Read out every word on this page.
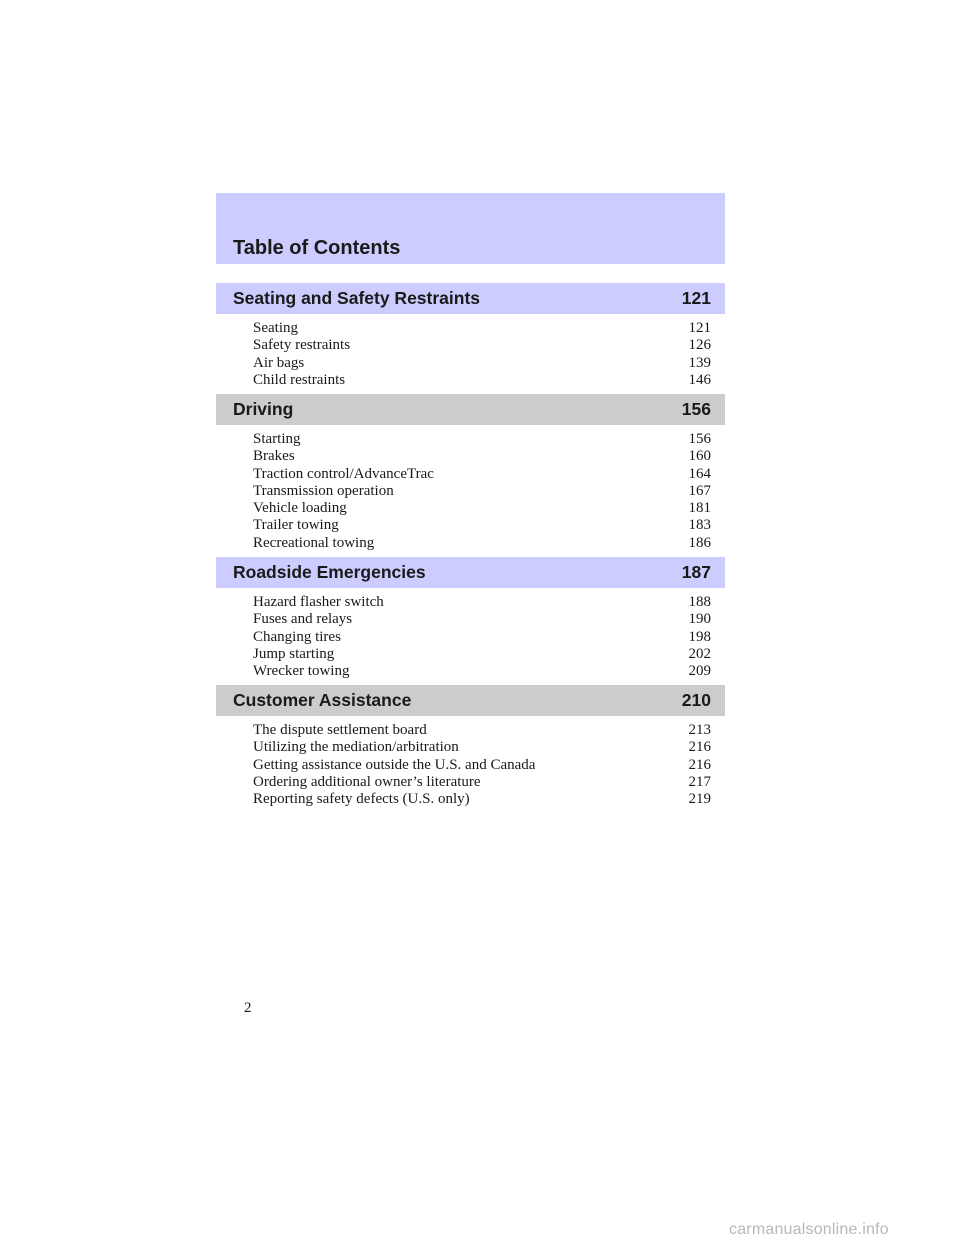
Table of Contents
Seating and Safety Restraints	121
Seating	121
Safety restraints	126
Air bags	139
Child restraints	146
Driving	156
Starting	156
Brakes	160
Traction control/AdvanceTrac	164
Transmission operation	167
Vehicle loading	181
Trailer towing	183
Recreational towing	186
Roadside Emergencies	187
Hazard flasher switch	188
Fuses and relays	190
Changing tires	198
Jump starting	202
Wrecker towing	209
Customer Assistance	210
The dispute settlement board	213
Utilizing the mediation/arbitration	216
Getting assistance outside the U.S. and Canada	216
Ordering additional owner’s literature	217
Reporting safety defects (U.S. only)	219
2
carmanualsonline.info
